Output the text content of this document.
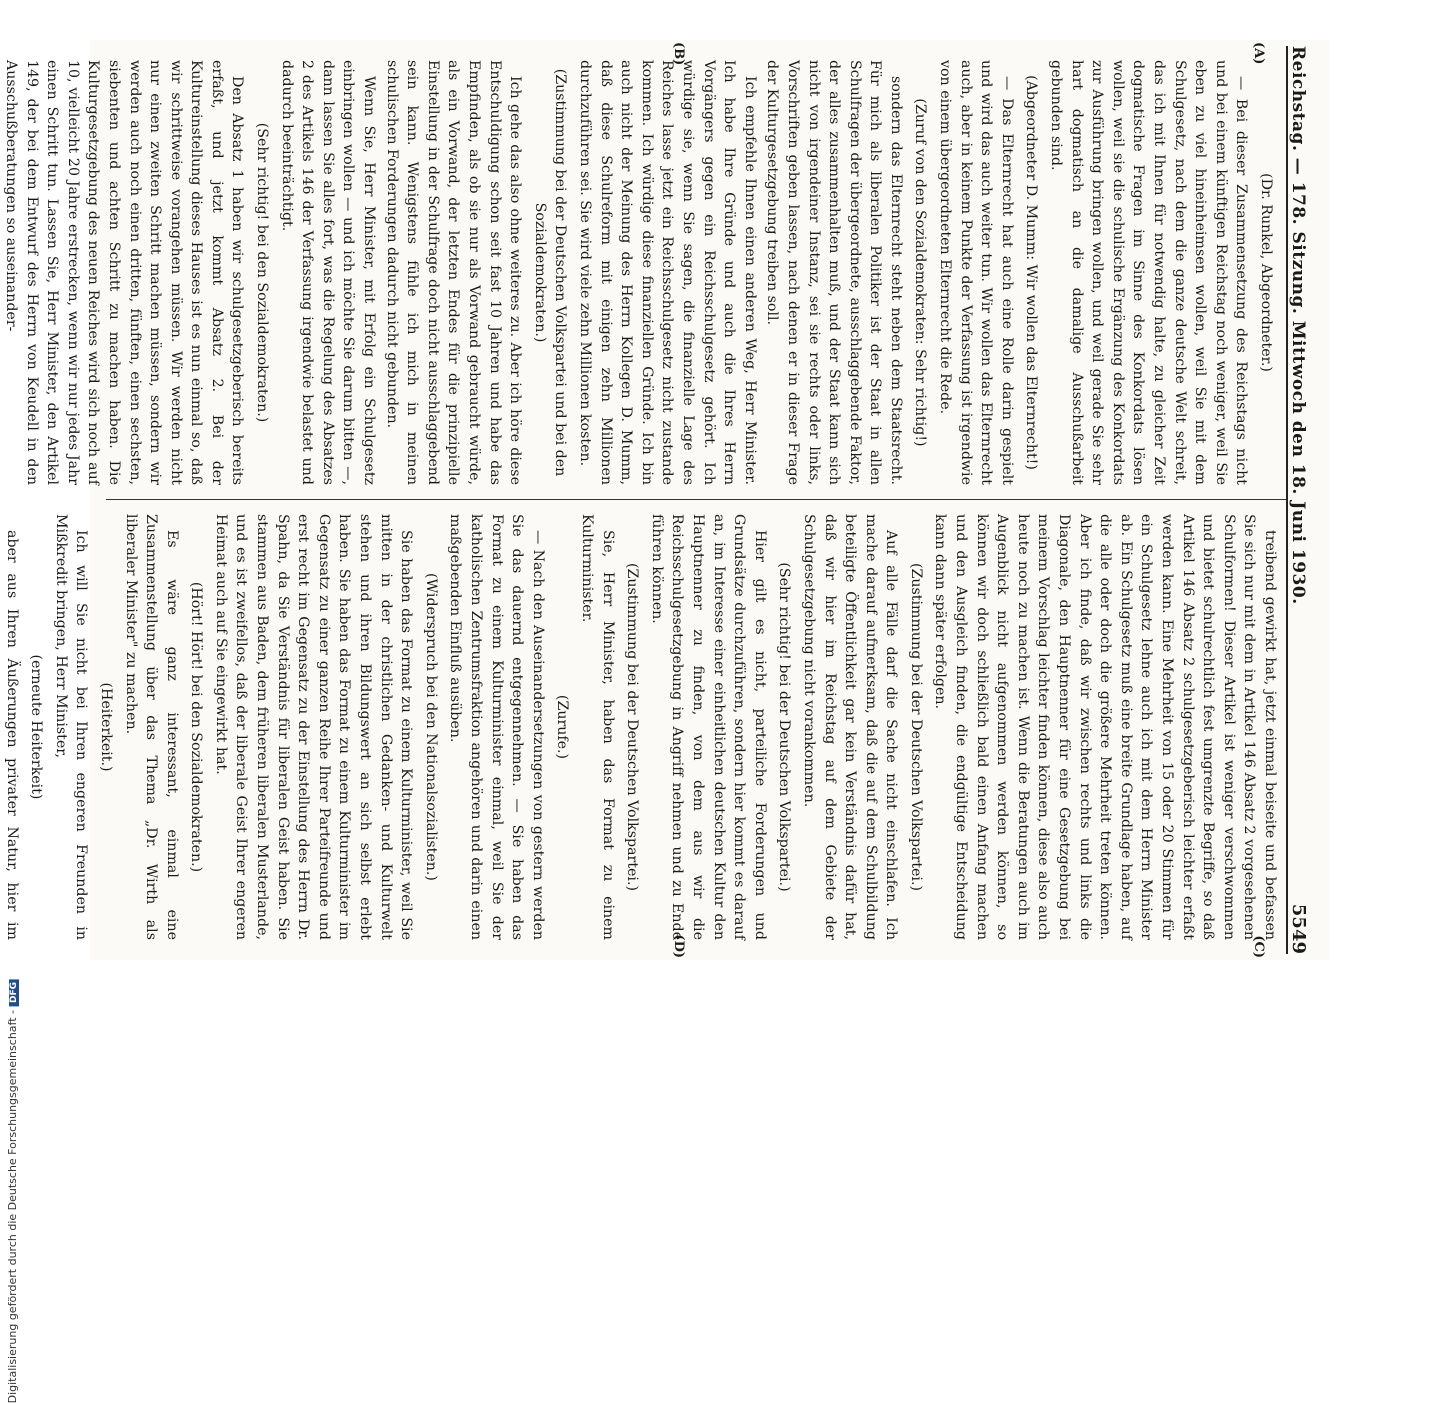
Digitalisierung gefördert durch die Deutsche Forschungsgemeinschaft -DFG
Reichstag. — 178. Sitzung. Mittwoch den 18. Juni 1930.
5549

(Dr. Runkel, Abgeordneter.)

— Bei dieser Zusammensetzung des Reichstags nicht und bei einem künftigen Reichstag noch weniger, weil Sie eben zu viel hineinheimsen wollen, weil Sie mit dem Schulgesetz, nach dem die ganze deutsche Welt schreit, das ich mit Ihnen für notwendig halte, zu gleicher Zeit dogmatische Fragen im Sinne des Konkordats lösen wollen, weil sie die schulische Ergänzung des Konkordats zur Ausführung bringen wollen, und weil gerade Sie sehr hart dogmatisch an die damalige Ausschußarbeit gebunden sind.

(Abgeordneter D. Mumm: Wir wollen das Elternrecht!)

— Das Elternrecht hat auch eine Rolle darin gespielt und wird das auch weiter tun. Wir wollen das Elternrecht auch, aber in keinem Punkte der Verfassung ist irgendwie von einem übergeordneten Elternrecht die Rede.

(Zuruf von den Sozialdemokraten: Sehr richtig!)

sondern das Elternrecht steht neben dem Staatsrecht. Für mich als liberalen Politiker ist der Staat in allen Schulfragen der übergeordnete, ausschlaggebende Faktor, der alles zusammenhalten muß, und der Staat kann sich nicht von irgendeiner Instanz, sei sie rechts oder links, Vorschriften geben lassen, nach denen er in dieser Frage der Kulturgesetzgebung treiben soll.

Ich empfehle Ihnen einen anderen Weg, Herr Minister. Ich habe Ihre Gründe und auch die Ihres Herrn Vorgängers gegen ein Reichsschulgesetz gehört. Ich würdige sie, wenn Sie sagen, die finanzielle Lage des Reiches lasse jetzt ein Reichsschulgesetz nicht zustande kommen. Ich würdige diese finanziellen Gründe. Ich bin auch nicht der Meinung des Herrn Kollegen D. Mumm, daß diese Schulreform mit einigen zehn Millionen durchzuführen sei. Sie wird viele zehn Millionen kosten.

(Zustimmung bei der Deutschen Volkspartei und bei den Sozialdemokraten.)

Ich gehe das also ohne weiteres zu. Aber ich höre diese Entschuldigung schon seit fast 10 Jahren und habe das Empfinden, als ob sie nur als Vorwand gebraucht würde, als ein Vorwand, der letzten Endes für die prinzipielle Einstellung in der Schulfrage doch nicht ausschlaggebend sein kann. Wenigstens fühle ich mich in meinen schulischen Forderungen dadurch nicht gebunden.

Wenn Sie, Herr Minister, mit Erfolg ein Schulgesetz einbringen wollen — und ich möchte Sie darum bitten —, dann lassen Sie alles fort, was die Regelung des Absatzes 2 des Artikels 146 der Verfassung irgendwie belastet und dadurch beeinträchtigt.

(Sehr richtig! bei den Sozialdemokraten.)

Den Absatz 1 haben wir schulgesetzgeberisch bereits erfaßt, und jetzt kommt Absatz 2. Bei der Kultureinstellung dieses Hauses ist es nun einmal so, daß wir schrittweise vorangehen müssen. Wir werden nicht nur einen zweiten Schritt machen müssen, sondern wir werden auch noch einen dritten, fünften, einen sechsten, siebenten und achten Schritt zu machen haben. Die Kulturgesetzgebung des neuen Reiches wird sich noch auf 10, vielleicht 20 Jahre erstrecken, wenn wir nur jedes Jahr einen Schritt tun. Lassen Sie, Herr Minister, den Artikel 149, der bei dem Entwurf des Herrn von Keudell in den Ausschußberatungen so auseinander-

treibend gewirkt hat, jetzt einmal beiseite und befassen Sie sich nur mit dem in Artikel 146 Absatz 2 vorgesehenen Schulformen! Dieser Artikel ist weniger verschwommen und bietet schulrechtlich fest umgrenzte Begriffe, so daß Artikel 146 Absatz 2 schulgesetzgeberisch leichter erfaßt werden kann. Eine Mehrheit von 15 oder 20 Stimmen für ein Schulgesetz lehne auch ich mit dem Herrn Minister ab. Ein Schulgesetz muß eine breite Grundlage haben, auf die alle oder doch die größere Mehrheit treten können. Aber ich finde, daß wir zwischen rechts und links die Diagonale, den Hauptnenner für eine Gesetzgebung bei meinem Vorschlag leichter finden können, diese also auch heute noch zu machen ist. Wenn die Beratungen auch im Augenblick nicht aufgenommen werden können, so können wir doch schließlich bald einen Anfang machen und den Ausgleich finden, die endgültige Entscheidung kann dann später erfolgen.

(Zustimmung bei der Deutschen Volkspartei.)

Auf alle Fälle darf die Sache nicht einschlafen. Ich mache darauf aufmerksam, daß die auf dem Schulbildung beteiligte Öffentlichkeit gar kein Verständnis dafür hat, daß wir hier im Reichstag auf dem Gebiete der Schulgesetzgebung nicht vorankommen.

(Sehr richtig! bei der Deutschen Volkspartei.)

Hier gilt es nicht, parteiliche Forderungen und Grundsätze durchzuführen, sondern hier kommt es darauf an, im Interesse einer einheitlichen deutschen Kultur den Hauptnenner zu finden, von dem aus wir die Reichsschulgesetzgebung in Angriff nehmen und zu Ende führen können.

(Zustimmung bei der Deutschen Volkspartei.)

Sie, Herr Minister, haben das Format zu einem Kulturminister.

(Zurufe.)

— Nach den Auseinandersetzungen von gestern werden Sie das dauernd entgegennehmen. — Sie haben das Format zu einem Kulturminister einmal, weil Sie der katholischen Zentrumsfraktion angehören und darin einen maßgebenden Einfluß ausüben.

(Widerspruch bei den Nationalsozialisten.)

Sie haben das Format zu einem Kulturminister, weil Sie mitten in der christlichen Gedanken- und Kulturwelt stehen und ihren Bildungswert an sich selbst erlebt haben. Sie haben das Format zu einem Kulturminister im Gegensatz zu einer ganzen Reihe Ihrer Parteifreunde und erst recht im Gegensatz zu der Einstellung des Herrn Dr. Spahn, da Sie Verständnis für liberalen Geist haben. Sie stammen aus Baden, dem früheren liberalen Musterlande, und es ist zweifellos, daß der liberale Geist Ihrer engeren Heimat auch auf Sie eingewirkt hat.

(Hört! Hört! bei den Sozialdemokraten.)

Es wäre ganz interessant, einmal eine Zusammenstellung über das Thema „Dr. Wirth als liberaler Minister" zu machen.

(Heiterkeit.)

Ich will Sie nicht bei Ihren engeren Freunden in Mißkredit bringen, Herr Minister,

(erneute Heiterkeit)

aber aus Ihren Äußerungen privater Natur, hier im

(A)
(B)
(C)
(D)
